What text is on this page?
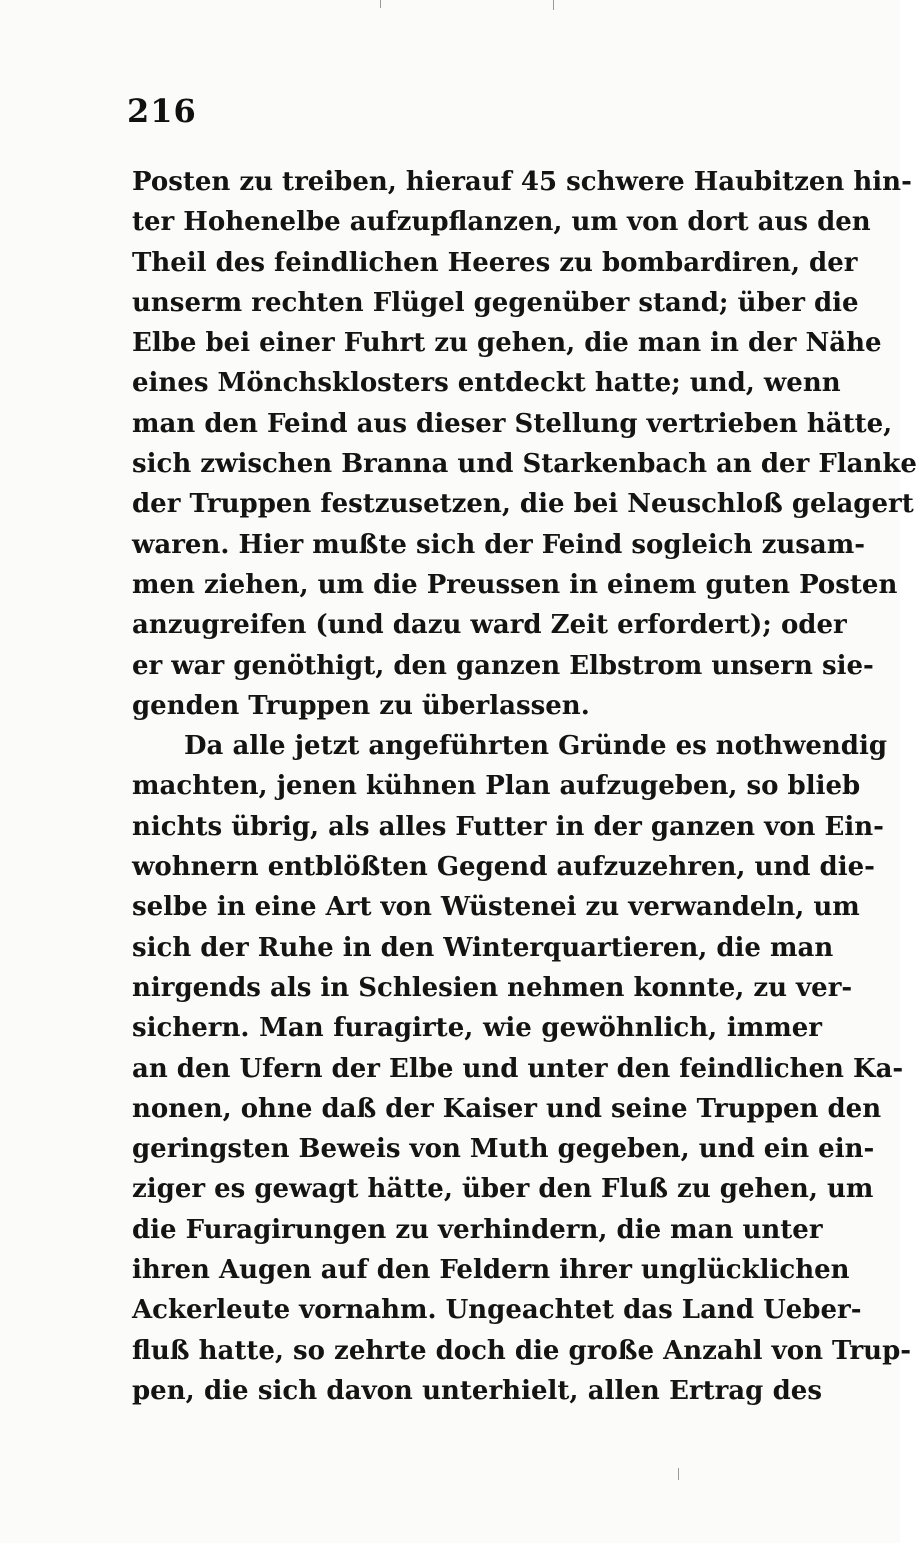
216
Posten zu treiben, hierauf 45 schwere Haubitzen hin-
ter Hohenelbe aufzupflanzen, um von dort aus den
Theil des feindlichen Heeres zu bombardiren, der
unserm rechten Flügel gegenüber stand; über die
Elbe bei einer Fuhrt zu gehen, die man in der Nähe
eines Mönchsklosters entdeckt hatte; und, wenn
man den Feind aus dieser Stellung vertrieben hätte,
sich zwischen Branna und Starkenbach an der Flanke
der Truppen festzusetzen, die bei Neuschloß gelagert
waren. Hier mußte sich der Feind sogleich zusam-
men ziehen, um die Preussen in einem guten Posten
anzugreifen (und dazu ward Zeit erfordert); oder
er war genöthigt, den ganzen Elbstrom unsern sie-
genden Truppen zu überlassen.
Da alle jetzt angeführten Gründe es nothwendig
machten, jenen kühnen Plan aufzugeben, so blieb
nichts übrig, als alles Futter in der ganzen von Ein-
wohnern entblößten Gegend aufzuzehren, und die-
selbe in eine Art von Wüstenei zu verwandeln, um
sich der Ruhe in den Winterquartieren, die man
nirgends als in Schlesien nehmen konnte, zu ver-
sichern. Man furagirte, wie gewöhnlich, immer
an den Ufern der Elbe und unter den feindlichen Ka-
nonen, ohne daß der Kaiser und seine Truppen den
geringsten Beweis von Muth gegeben, und ein ein-
ziger es gewagt hätte, über den Fluß zu gehen, um
die Furagirungen zu verhindern, die man unter
ihren Augen auf den Feldern ihrer unglücklichen
Ackerleute vornahm. Ungeachtet das Land Ueber-
fluß hatte, so zehrte doch die große Anzahl von Trup-
pen, die sich davon unterhielt, allen Ertrag des
